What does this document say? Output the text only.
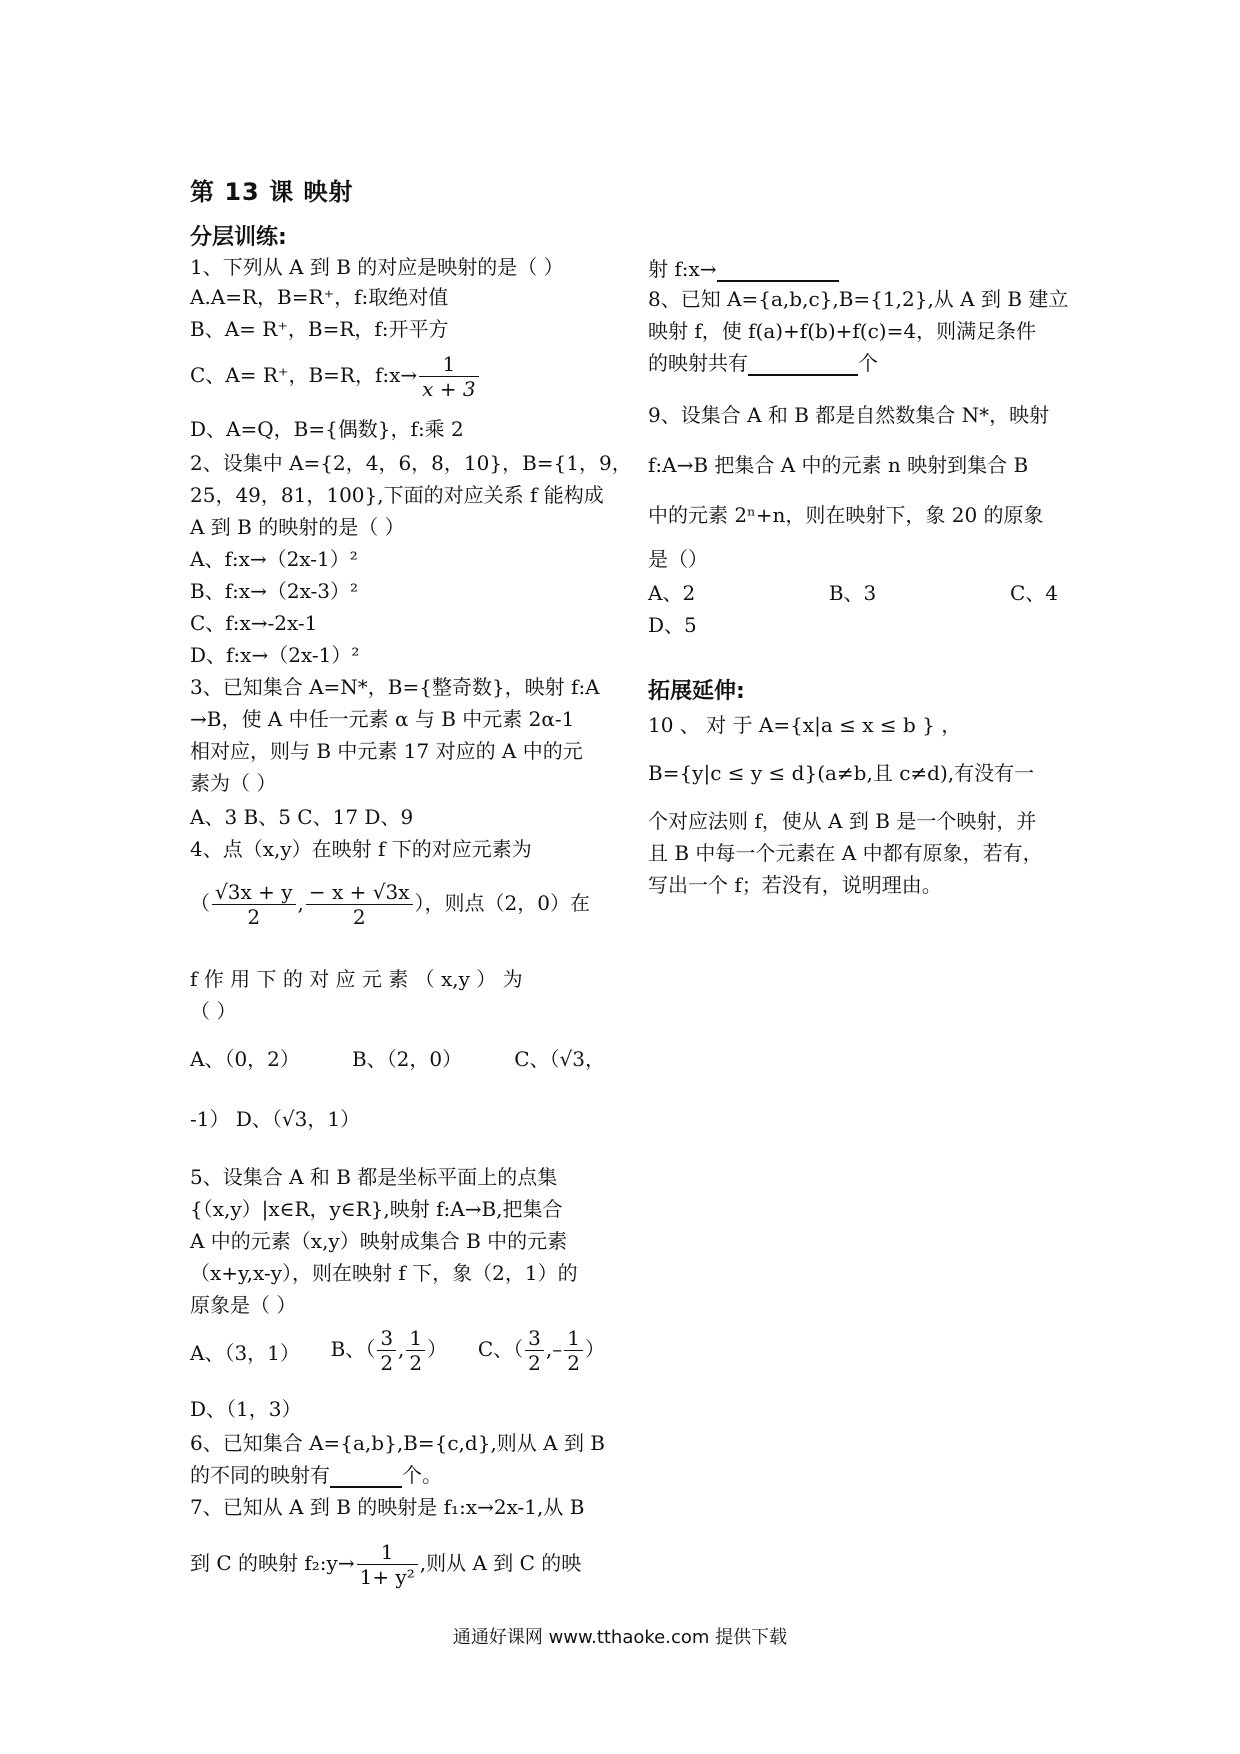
第 13 课 映射
分层训练:
1、下列从 A 到 B 的对应是映射的是（ ）
A.A=R，B=R⁺，f:取绝对值
B、A= R⁺，B=R，f:开平方
C、A= R⁺，B=R，f:x→ $\frac{1}{x + 3}$
D、A=Q，B={偶数}，f:乘 2
2、设集中 A={2，4，6，8，10}，B={1，9，
25，49，81，100},下面的对应关系 f 能构成
A 到 B 的映射的是（ ）
A、f:x→（2x-1）²
B、f:x→（2x-3）²
C、f:x→-2x-1
D、f:x→（2x-1）²
3、已知集合 A=N*，B={整奇数}，映射 f:A
→B，使 A 中任一元素 α 与 B 中元素 2α-1
相对应，则与 B 中元素 17 对应的 A 中的元
素为（ ）
A、3 B、5 C、17 D、9
4、点（x,y）在映射 f 下的对应元素为
（ $\frac{√3x + y}{2}$ , $\frac{- x + √3x}{2}$ ），则点（2，0）在
f 作 用 下 的 对 应 元 素 （ x,y ） 为
（ ）
A、（0，2）	B、（2，0）	C、（√3，
-1） D、（√3，1）
5、设集合 A 和 B 都是坐标平面上的点集
{（x,y）|x∈R，y∈R},映射 f:A→B,把集合
A 中的元素（x,y）映射成集合 B 中的元素
（x+y,x-y），则在映射 f 下，象（2，1）的
原象是（ ）
A、（3，1） B、（ $\frac{3}{2}$ , $\frac{1}{2}$ ） C、（ $\frac{3}{2}$ ,– $\frac{1}{2}$ ）
D、（1，3）
6、已知集合 A={a,b},B={c,d},则从 A 到 B
的不同的映射有	个。
7、已知从 A 到 B 的映射是 f₁:x→2x-1,从 B
到 C 的映射 f₂:y→ $\frac{1}{\text{1+ y²}}$ ,则从 A 到 C 的映
射 f:x→
8、已知 A={a,b,c},B={1,2},从 A 到 B 建立
映射 f，使 f(a)+f(b)+f(c)=4，则满足条件
的映射共有	个
9、设集合 A 和 B 都是自然数集合 N*，映射
f:A→B 把集合 A 中的元素 n 映射到集合 B
中的元素 2ⁿ+n，则在映射下，象 20 的原象
是（）
A、2	B、3	C、4
D、5
拓展延伸:
10 、 对 于 A={x|a ≤ x ≤ b } ，
B={y|c ≤ y ≤ d}(a≠b,且 c≠d),有没有一
个对应法则 f，使从 A 到 B 是一个映射，并
且 B 中每一个元素在 A 中都有原象，若有，
写出一个 f；若没有，说明理由。
通通好课网 www.tthaoke.com 提供下载
